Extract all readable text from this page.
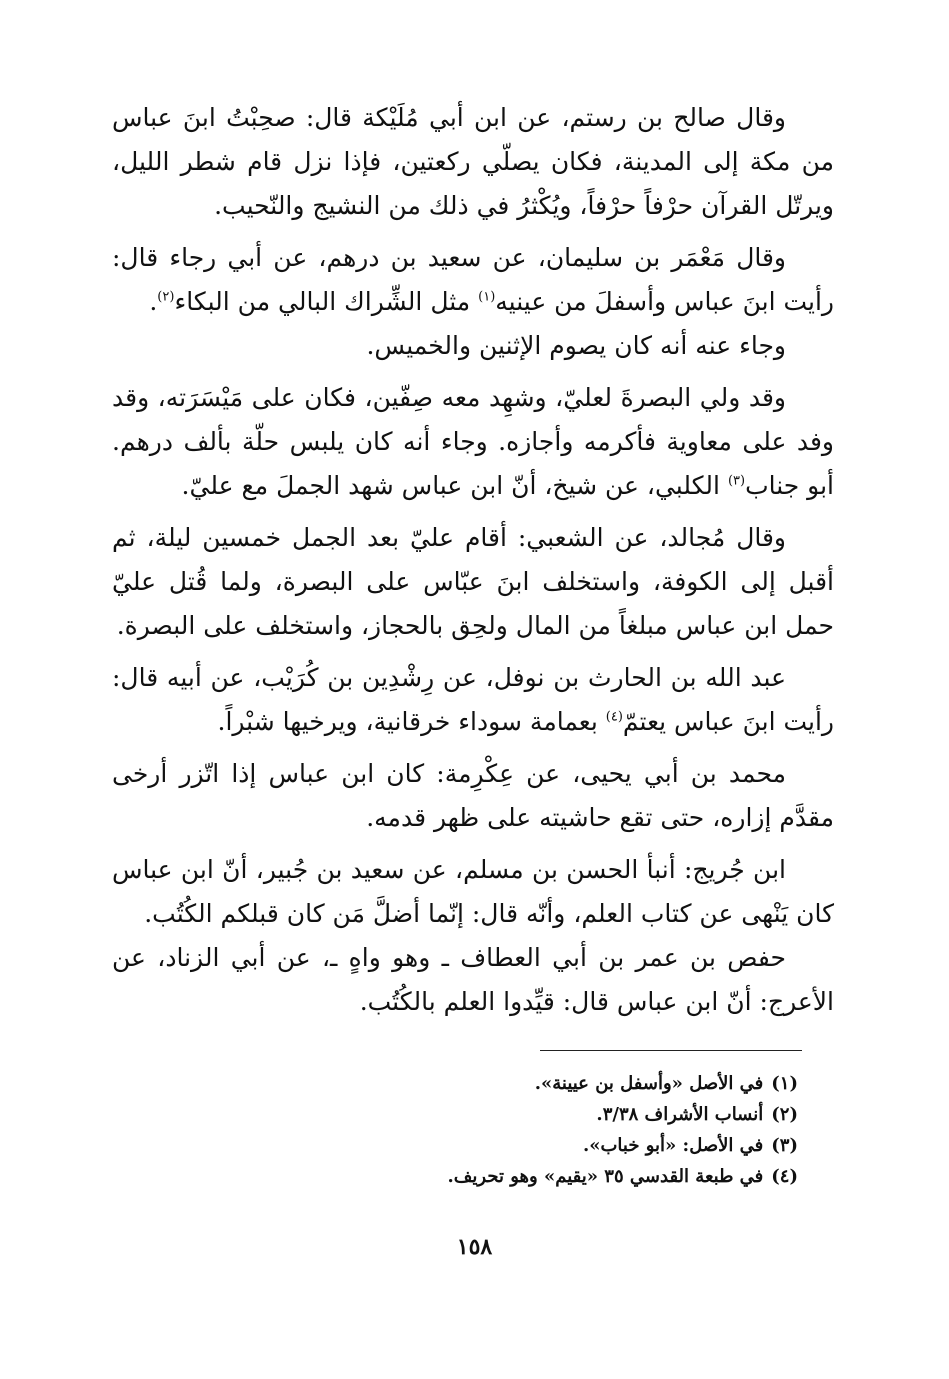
وقال صالح بن رستم، عن ابن أبي مُلَيْكة قال: صحِبْتُ ابنَ عباس من مكة إلى المدينة، فكان يصلّي ركعتين، فإذا نزل قام شطر الليل، ويرتّل القرآن حرْفاً حرْفاً، ويُكْثرُ في ذلك من النشيج والنّحيب.

وقال مَعْمَر بن سليمان، عن سعيد بن درهم، عن أبي رجاء قال: رأيت ابنَ عباس وأسفلَ من عينيه$^{(١)}$ مثل الشِّراك البالي من البكاء$^{(٢)}$.

وجاء عنه أنه كان يصوم الإثنين والخميس.

وقد ولي البصرةَ لعليّ، وشهِد معه صِفّين، فكان على مَيْسَرَته، وقد وفد على معاوية فأكرمه وأجازه. وجاء أنه كان يلبس حلّة بألف درهم. أبو جناب$^{(٣)}$ الكلبي، عن شيخ، أنّ ابن عباس شهد الجملَ مع عليّ.

وقال مُجالد، عن الشعبي: أقام عليّ بعد الجمل خمسين ليلة، ثم أقبل إلى الكوفة، واستخلف ابنَ عبّاس على البصرة، ولما قُتل عليّ حمل ابن عباس مبلغاً من المال ولحِق بالحجاز، واستخلف على البصرة.

عبد الله بن الحارث بن نوفل، عن رِشْدِين بن كُرَيْب، عن أبيه قال: رأيت ابنَ عباس يعتمّ$^{(٤)}$ بعمامة سوداء خرقانية، ويرخيها شبْراً.

محمد بن أبي يحيى، عن عِكْرِمة: كان ابن عباس إذا اتّزر أرخى مقدَّم إزاره، حتى تقع حاشيته على ظهر قدمه.

ابن جُريج: أنبأ الحسن بن مسلم، عن سعيد بن جُبير، أنّ ابن عباس كان يَنْهى عن كتاب العلم، وأنّه قال: إنّما أضلَّ مَن كان قبلكم الكُتُب.

حفص بن عمر بن أبي العطاف ـ وهو واهٍ ـ، عن أبي الزناد، عن الأعرج: أنّ ابن عباس قال: قيِّدوا العلم بالكُتُب.

(١)في الأصل «وأسفل بن عيينة».

(٢)أنساب الأشراف ٣/٣٨.

(٣)في الأصل: «أبو خباب».

(٤)في طبعة القدسي ٣٥ «يقيم» وهو تحريف.

١٥٨
